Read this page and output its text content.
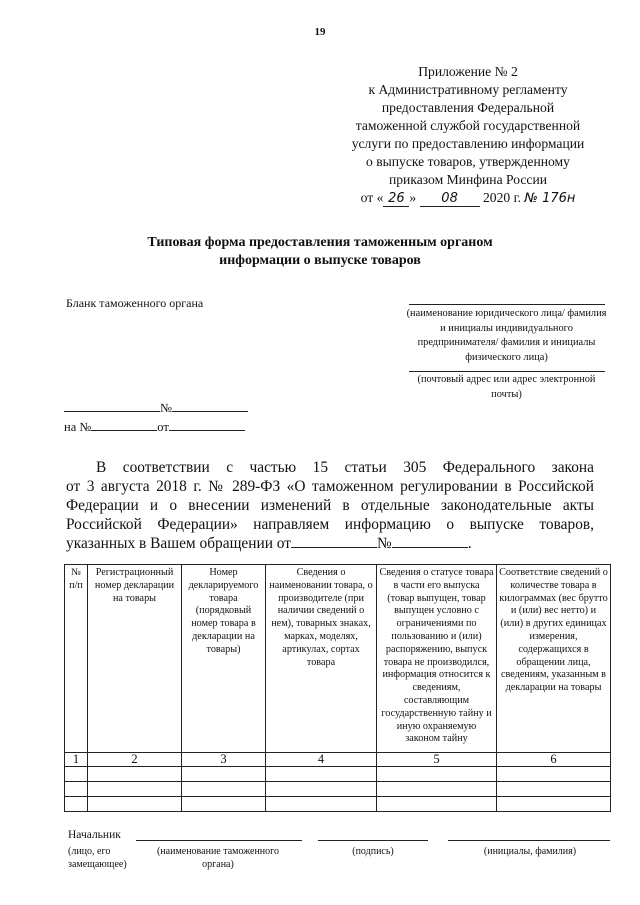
19
Приложение № 2
к Административному регламенту
предоставления Федеральной
таможенной службой государственной
услуги по предоставлению информации
о выпуске товаров, утвержденному
приказом Минфина России
от « 26 » 08 2020 г. № 176н
Типовая форма предоставления таможенным органом
информации о выпуске товаров
Бланк таможенного органа
(наименование юридического лица/ фамилия и инициалы индивидуального предпринимателя/ фамилия и инициалы физического лица)
(почтовый адрес или адрес электронной почты)
№
на №	от
В соответствии с частью 15 статьи 305 Федерального закона
от 3 августа 2018 г. № 289-ФЗ «О таможенном регулировании в Российской Федерации и о внесении изменений в отдельные законодательные акты Российской Федерации» направляем информацию о выпуске товаров, указанных в Вашем обращении от	№	.
№ п/п	Регистрационный номер декларации на товары	Номер декларируемого товара (порядковый номер товара в декларации на товары)	Сведения о наименовании товара, о производителе (при наличии сведений о нем), товарных знаках, марках, моделях, артикулах, сортах товара	Сведения о статусе товара в части его выпуска (товар выпущен, товар выпущен условно с ограничениями по пользованию и (или) распоряжению, выпуск товара не производился, информация относится к сведениям, составляющим государственную тайну и иную охраняемую законом тайну	Соответствие сведений о количестве товара в килограммах (вес брутто и (или) вес нетто) и (или) в других единицах измерения, содержащихся в обращении лица, сведениям, указанным в декларации на товары
1	2	3	4	5	6

Начальник
(лицо, его замещающее)
(наименование таможенного органа)
(подпись)	(инициалы, фамилия)
